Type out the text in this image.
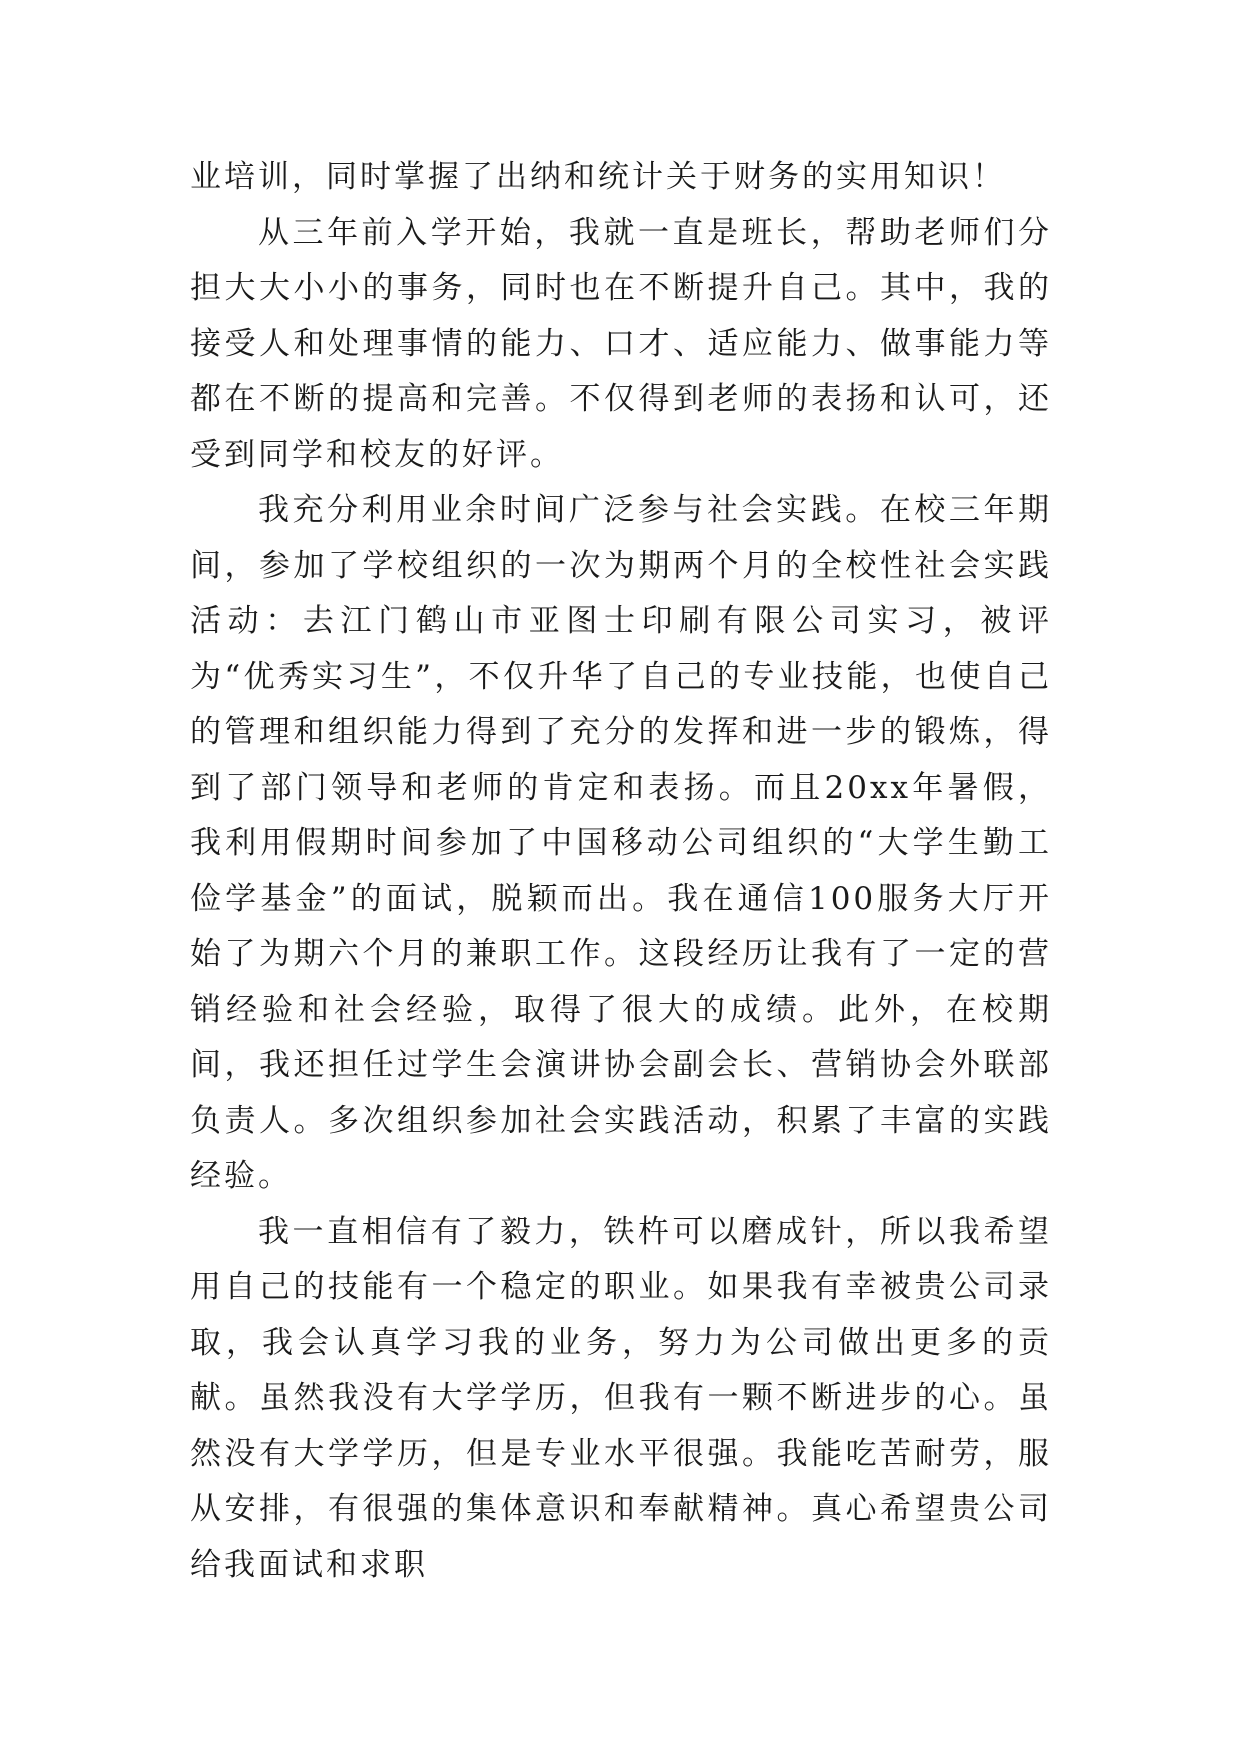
业培训，同时掌握了出纳和统计关于财务的实用知识！

从三年前入学开始，我就一直是班长，帮助老师们分担大大小小的事务，同时也在不断提升自己。其中，我的接受人和处理事情的能力、口才、适应能力、做事能力等都在不断的提高和完善。不仅得到老师的表扬和认可，还受到同学和校友的好评。

我充分利用业余时间广泛参与社会实践。在校三年期间，参加了学校组织的一次为期两个月的全校性社会实践活动：去江门鹤山市亚图士印刷有限公司实习，被评为“优秀实习生”，不仅升华了自己的专业技能，也使自己的管理和组织能力得到了充分的发挥和进一步的锻炼，得到了部门领导和老师的肯定和表扬。而且20xx年暑假，我利用假期时间参加了中国移动公司组织的“大学生勤工俭学基金”的面试，脱颖而出。我在通信100服务大厅开始了为期六个月的兼职工作。这段经历让我有了一定的营销经验和社会经验，取得了很大的成绩。此外，在校期间，我还担任过学生会演讲协会副会长、营销协会外联部负责人。多次组织参加社会实践活动，积累了丰富的实践经验。

我一直相信有了毅力，铁杵可以磨成针，所以我希望用自己的技能有一个稳定的职业。如果我有幸被贵公司录取，我会认真学习我的业务，努力为公司做出更多的贡献。虽然我没有大学学历，但我有一颗不断进步的心。虽然没有大学学历，但是专业水平很强。我能吃苦耐劳，服从安排，有很强的集体意识和奉献精神。真心希望贵公司给我面试和求职
